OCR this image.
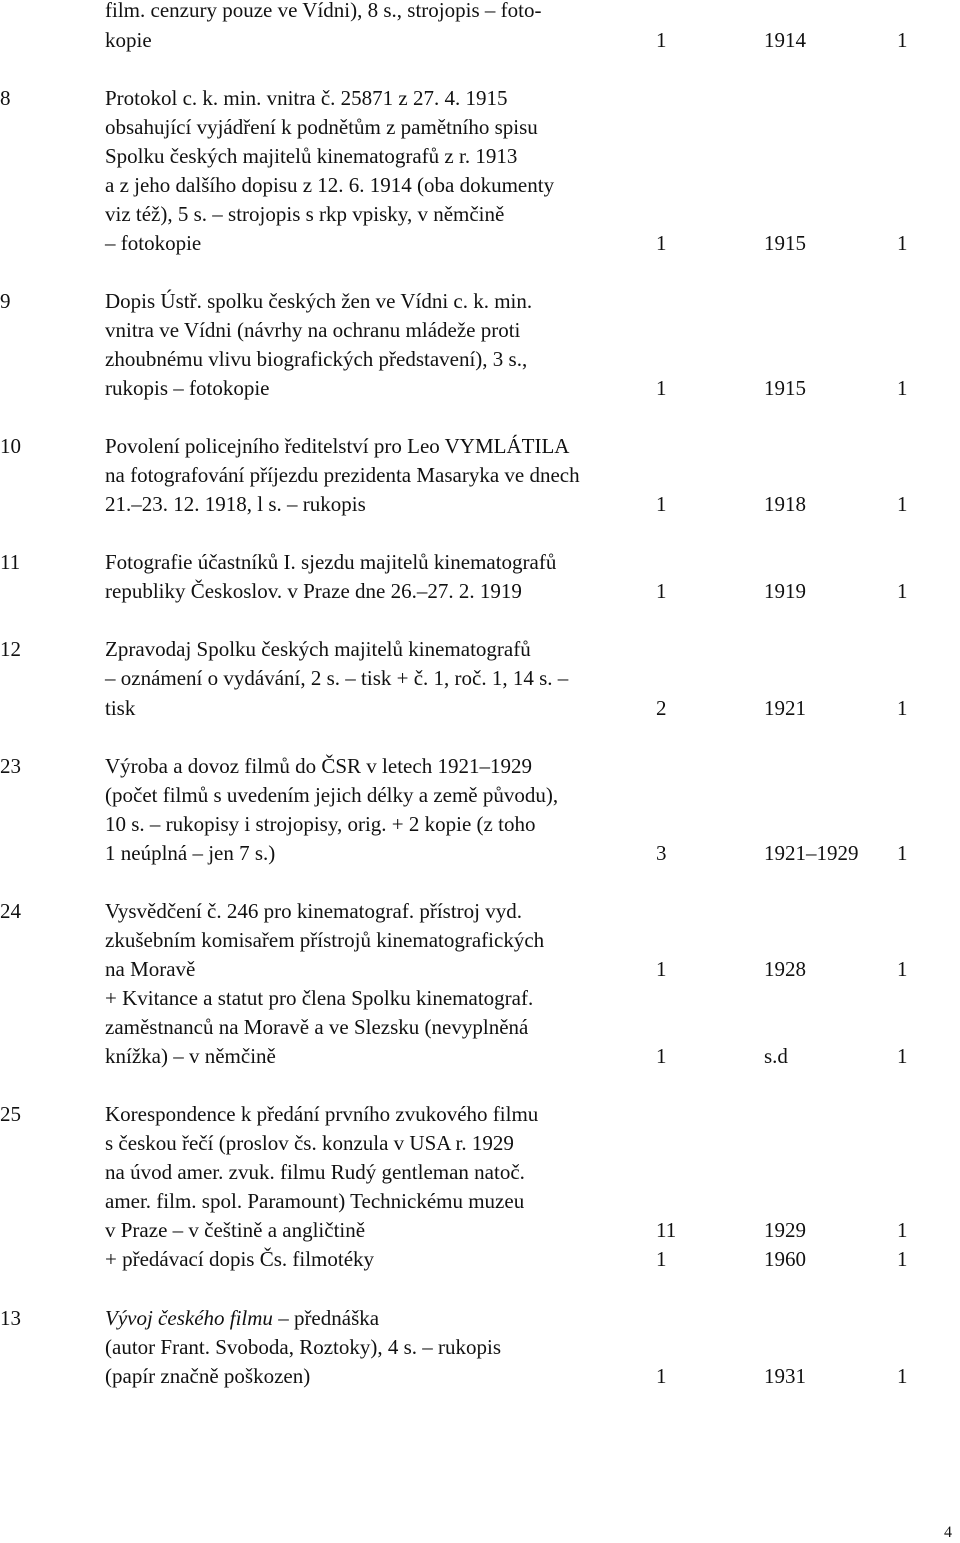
film. cenzury pouze ve Vídni), 8 s., strojopis – foto-
kopie	1	1914	1
8	Protokol c. k. min. vnitra č. 25871 z 27. 4. 1915
obsahující vyjádření k podnětům z pamětního spisu
Spolku českých majitelů kinematografů z r. 1913
a z jeho dalšího dopisu z 12. 6. 1914 (oba dokumenty
viz též), 5 s. – strojopis s rkp vpisky, v němčině
– fotokopie	1	1915	1
9	Dopis Ústř. spolku českých žen ve Vídni c. k. min.
vnitra ve Vídni (návrhy na ochranu mládeže proti
zhoubnému vlivu biografických představení), 3 s.,
rukopis – fotokopie	1	1915	1
10	Povolení policejního ředitelství pro Leo VYMLÁTILA
na fotografování příjezdu prezidenta Masaryka ve dnech
21.–23. 12. 1918, l s. – rukopis	1	1918	1
11	Fotografie účastníků I. sjezdu majitelů kinematografů
republiky Českoslov. v Praze dne 26.–27. 2. 1919	1	1919	1
12	Zpravodaj Spolku českých majitelů kinematografů
– oznámení o vydávání, 2 s. – tisk + č. 1, roč. 1, 14 s. –
tisk	2	1921	1
23	Výroba a dovoz filmů do ČSR v letech 1921–1929
(počet filmů s uvedením jejich délky a země původu),
10 s. – rukopisy i strojopisy, orig. + 2 kopie (z toho
1 neúplná – jen 7 s.)	3	1921–1929 1
24	Vysvědčení č. 246 pro kinematograf. přístroj vyd.
zkušebním komisařem přístrojů kinematografických
na Moravě	1	1928	1
+ Kvitance a statut pro člena Spolku kinematograf.
zaměstnanců na Moravě a ve Slezsku (nevyplněná
knížka) – v němčině	1	s.d	1
25	Korespondence k předání prvního zvukového filmu
s českou řečí (proslov čs. konzula v USA r. 1929
na úvod amer. zvuk. filmu Rudý gentleman natoč.
amer. film. spol. Paramount) Technickému muzeu
v Praze – v češtině a angličtině	11	1929	1
+ předávací dopis Čs. filmotéky	1	1960	1
13	Vývoj českého filmu – přednáška
(autor Frant. Svoboda, Roztoky), 4 s. – rukopis
(papír značně poškozen)	1	1931	1
4
